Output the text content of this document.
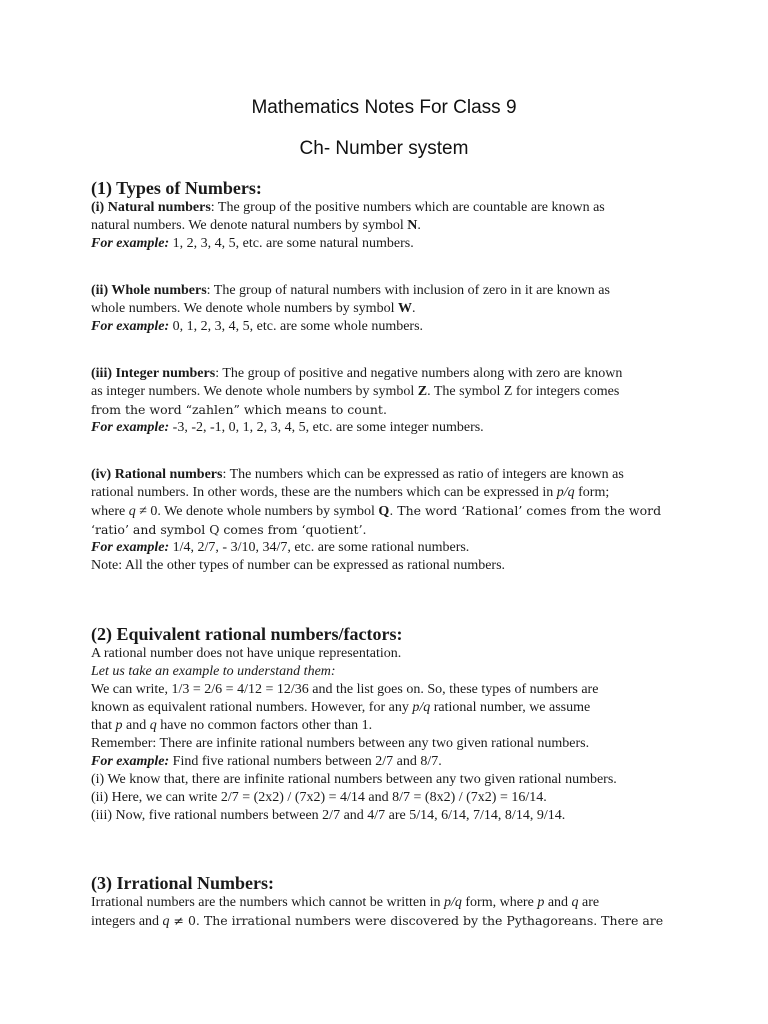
Mathematics Notes For Class 9
Ch- Number system
(1) Types of Numbers:

(i) Natural numbers: The group of the positive numbers which are countable are known as
natural numbers. We denote natural numbers by symbol N.
For example: 1, 2, 3, 4, 5, etc. are some natural numbers.

(ii) Whole numbers: The group of natural numbers with inclusion of zero in it are known as
whole numbers. We denote whole numbers by symbol W.
For example: 0, 1, 2, 3, 4, 5, etc. are some whole numbers.

(iii) Integer numbers: The group of positive and negative numbers along with zero are known
as integer numbers. We denote whole numbers by symbol Z. The symbol Z for integers comes
from the word “zahlen” which means to count.
For example: -3, -2, -1, 0, 1, 2, 3, 4, 5, etc. are some integer numbers.

(iv) Rational numbers: The numbers which can be expressed as ratio of integers are known as
rational numbers. In other words, these are the numbers which can be expressed in p/q form;
where q ≠ 0. We denote whole numbers by symbol Q. The word ‘Rational’ comes from the word
‘ratio’ and symbol Q comes from ‘quotient’.
For example: 1/4, 2/7, - 3/10, 34/7, etc. are some rational numbers.
Note: All the other types of number can be expressed as rational numbers.

(2) Equivalent rational numbers/factors:

A rational number does not have unique representation.
Let us take an example to understand them:
We can write, 1/3 = 2/6 = 4/12 = 12/36 and the list goes on. So, these types of numbers are
known as equivalent rational numbers. However, for any p/q rational number, we assume
that p and q have no common factors other than 1.
Remember: There are infinite rational numbers between any two given rational numbers.
For example: Find five rational numbers between 2/7 and 8/7.
(i) We know that, there are infinite rational numbers between any two given rational numbers.
(ii) Here, we can write 2/7 = (2x2) / (7x2) = 4/14 and 8/7 = (8x2) / (7x2) = 16/14.
(iii) Now, five rational numbers between 2/7 and 4/7 are 5/14, 6/14, 7/14, 8/14, 9/14.

(3) Irrational Numbers:

Irrational numbers are the numbers which cannot be written in p/q form, where p and q are
integers and q ≠ 0. The irrational numbers were discovered by the Pythagoreans. There are
